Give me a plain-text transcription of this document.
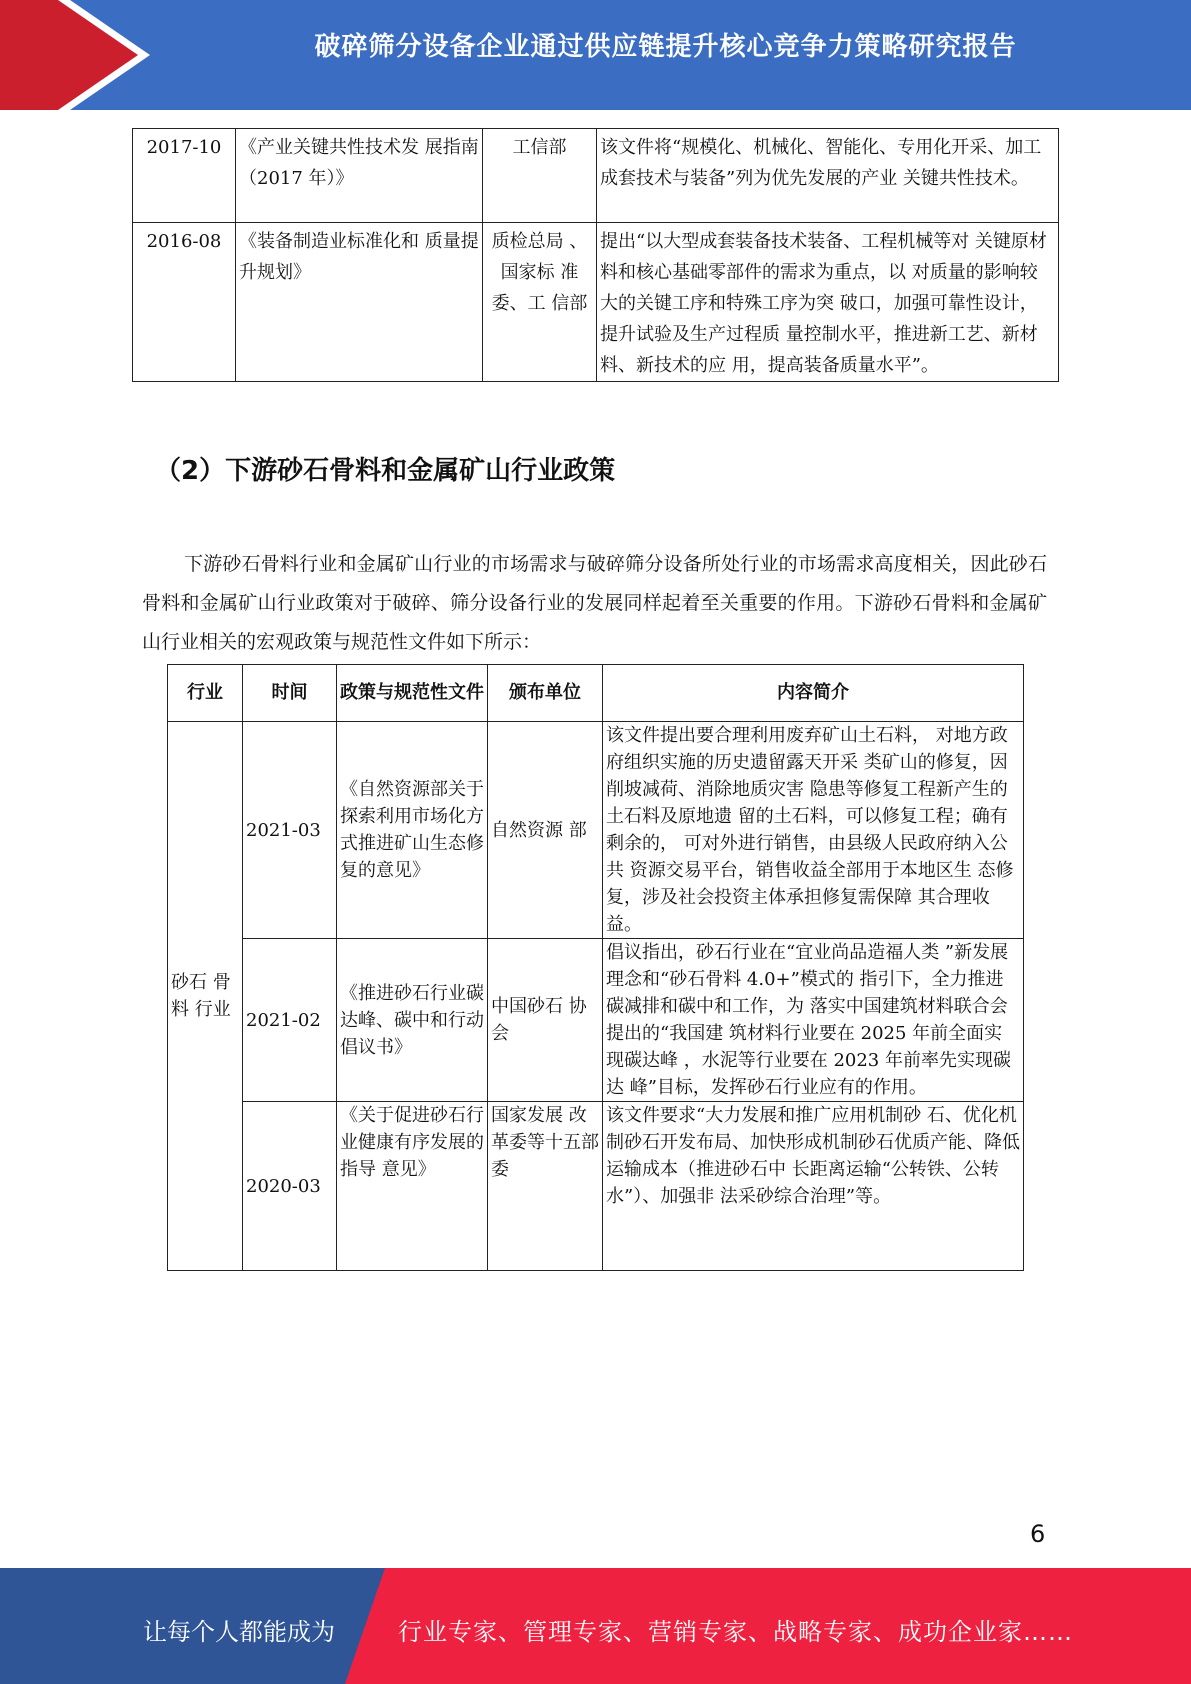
破碎筛分设备企业通过供应链提升核心竞争力策略研究报告
2017-10	《产业关键共性技术发 展指南（2017 年）》	工信部	该文件将“规模化、机械化、智能化、专用化开采、加工成套技术与装备”列为优先发展的产业 关键共性技术。
2016-08	《装备制造业标准化和 质量提升规划》	质检总局 、国家标 准委、工 信部	提出“以大型成套装备技术装备、工程机械等对 关键原材料和核心基础零部件的需求为重点，以 对质量的影响较大的关键工序和特殊工序为突 破口，加强可靠性设计，提升试验及生产过程质 量控制水平，推进新工艺、新材料、新技术的应 用，提高装备质量水平”。
（2）下游砂石骨料和金属矿山行业政策

下游砂石骨料行业和金属矿山行业的市场需求与破碎筛分设备所处行业的市场需求高度相关，因此砂石骨料和金属矿山行业政策对于破碎、筛分设备行业的发展同样起着至关重要的作用。下游砂石骨料和金属矿山行业相关的宏观政策与规范性文件如下所示：

行业	时间	政策与规范性文件	颁布单位	内容简介
砂石 骨料 行业	2021-03	《自然资源部关于探索利用市场化方式推进矿山生态修复的意见》	自然资源 部	该文件提出要合理利用废弃矿山土石料， 对地方政府组织实施的历史遗留露天开采 类矿山的修复，因削坡减荷、消除地质灾害 隐患等修复工程新产生的土石料及原地遗 留的土石料，可以修复工程；确有剩余的， 可对外进行销售，由县级人民政府纳入公共 资源交易平台，销售收益全部用于本地区生 态修复，涉及社会投资主体承担修复需保障 其合理收益。
	2021-02	《推进砂石行业碳达峰、碳中和行动倡议书》	中国砂石 协会	倡议指出，砂石行业在“宜业尚品造福人类 ”新发展理念和“砂石骨料 4.0+”模式的 指引下，全力推进碳减排和碳中和工作，为 落实中国建筑材料联合会提出的“我国建 筑材料行业要在 2025 年前全面实现碳达峰 ，水泥等行业要在 2023 年前率先实现碳达 峰”目标，发挥砂石行业应有的作用。
	2020-03	《关于促进砂石行业健康有序发展的指导 意见》	国家发展 改革委等十五部委	该文件要求“大力发展和推广应用机制砂 石、优化机制砂石开发布局、加快形成机制砂石优质产能、降低运输成本（推进砂石中 长距离运输“公转铁、公转水”）、加强非 法采砂综合治理”等。
6
让每个人都能成为	行业专家、管理专家、营销专家、战略专家、成功企业家……
